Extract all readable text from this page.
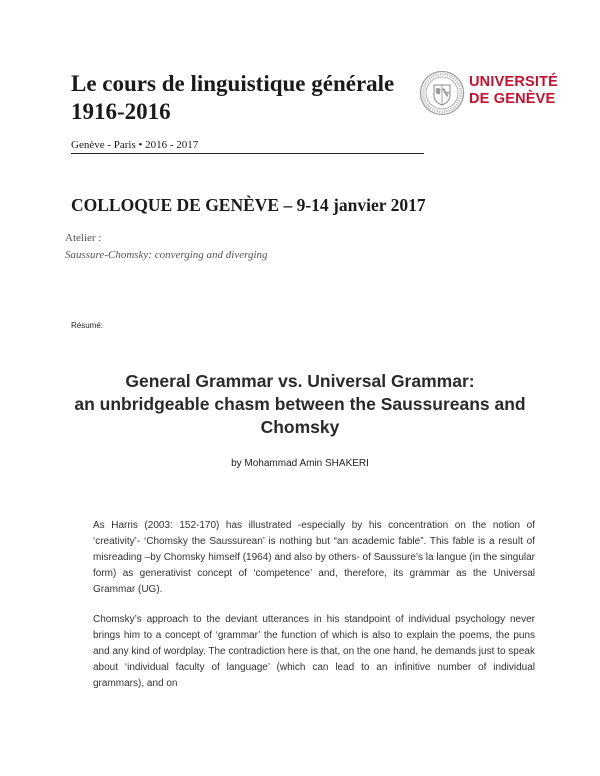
Le cours de linguistique générale
1916-2016

Genève - Paris • 2016 - 2017

UNIVERSITÉ
DE GENÈVE
COLLOQUE DE GENÈVE – 9-14 janvier 2017

Atelier :

Saussure-Chomsky: converging and diverging

Résumé:

General Grammar vs. Universal Grammar:
an unbridgeable chasm between the Saussureans and
Chomsky

by Mohammad Amin SHAKERI

As Harris (2003: 152-170) has illustrated -especially by his concentration on the notion of ‘creativity’- ‘Chomsky the Saussurean’ is nothing but “an academic fable”. This fable is a result of misreading –by Chomsky himself (1964) and also by others- of Saussure’s la langue (in the singular form) as generativist concept of ‘competence’ and, therefore, its grammar as the Universal Grammar (UG).

Chomsky’s approach to the deviant utterances in his standpoint of individual psychology never brings him to a concept of ‘grammar’ the function of which is also to explain the poems, the puns and any kind of wordplay. The contradiction here is that, on the one hand, he demands just to speak about ‘individual faculty of language’ (which can lead to an infinitive number of individual grammars), and on
